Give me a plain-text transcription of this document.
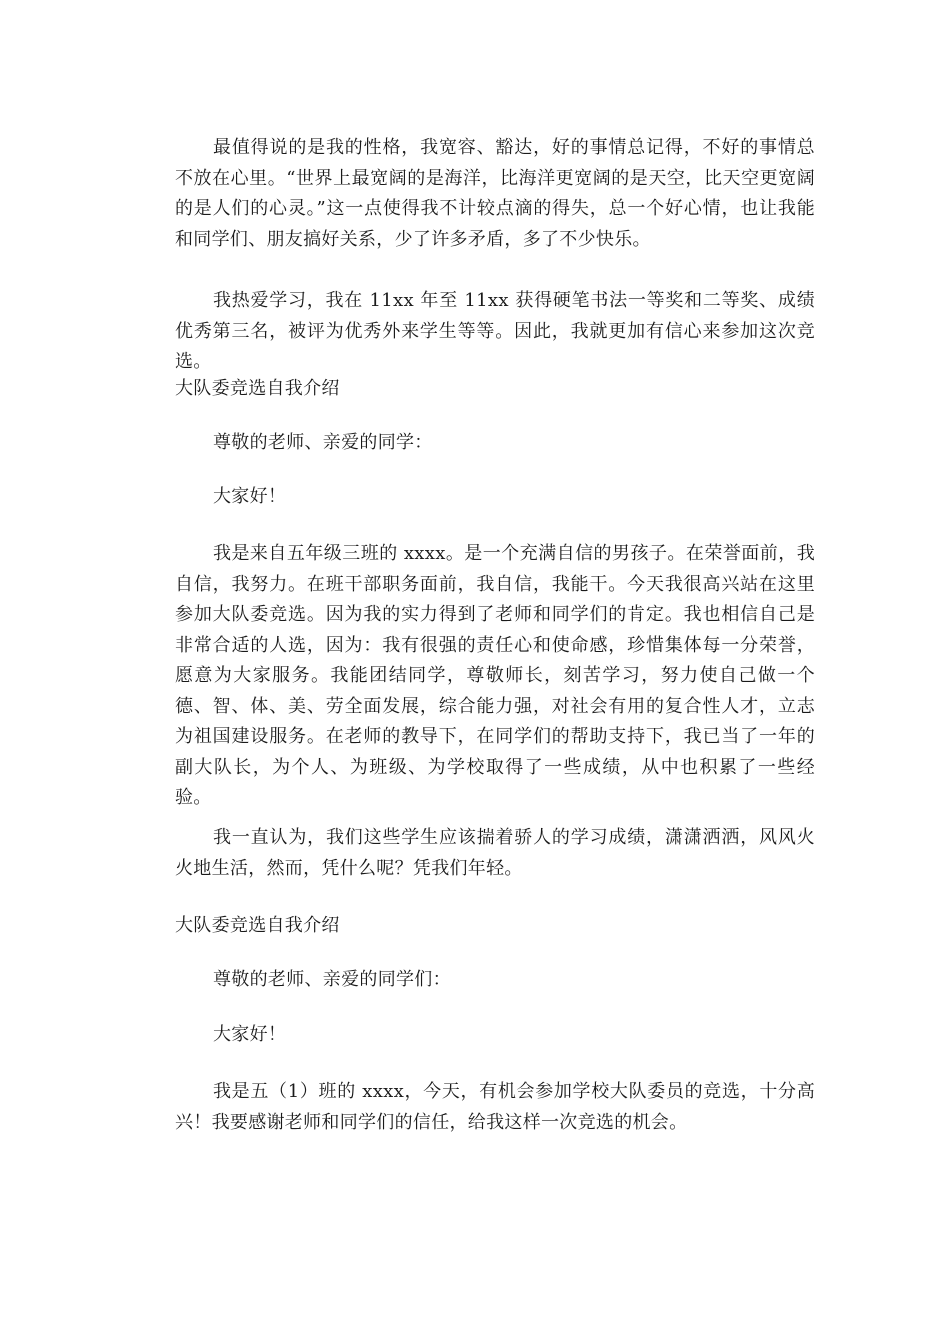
最值得说的是我的性格，我宽容、豁达，好的事情总记得，不好的事情总不放在心里。“世界上最宽阔的是海洋，比海洋更宽阔的是天空，比天空更宽阔的是人们的心灵。”这一点使得我不计较点滴的得失，总一个好心情，也让我能和同学们、朋友搞好关系，少了许多矛盾，多了不少快乐。

我热爱学习，我在 11xx 年至 11xx 获得硬笔书法一等奖和二等奖、成绩优秀第三名，被评为优秀外来学生等等。因此，我就更加有信心来参加这次竞选。

大队委竞选自我介绍

尊敬的老师、亲爱的同学：

大家好！

我是来自五年级三班的 xxxx。是一个充满自信的男孩子。在荣誉面前，我自信，我努力。在班干部职务面前，我自信，我能干。今天我很高兴站在这里参加大队委竞选。因为我的实力得到了老师和同学们的肯定。我也相信自己是非常合适的人选，因为：我有很强的责任心和使命感，珍惜集体每一分荣誉，愿意为大家服务。我能团结同学，尊敬师长，刻苦学习，努力使自己做一个德、智、体、美、劳全面发展，综合能力强，对社会有用的复合性人才，立志为祖国建设服务。在老师的教导下，在同学们的帮助支持下，我已当了一年的副大队长，为个人、为班级、为学校取得了一些成绩，从中也积累了一些经验。

我一直认为，我们这些学生应该揣着骄人的学习成绩，潇潇洒洒，风风火火地生活，然而，凭什么呢？凭我们年轻。

大队委竞选自我介绍

尊敬的老师、亲爱的同学们：

大家好！

我是五（1）班的 xxxx，今天，有机会参加学校大队委员的竞选，十分高兴！我要感谢老师和同学们的信任，给我这样一次竞选的机会。
